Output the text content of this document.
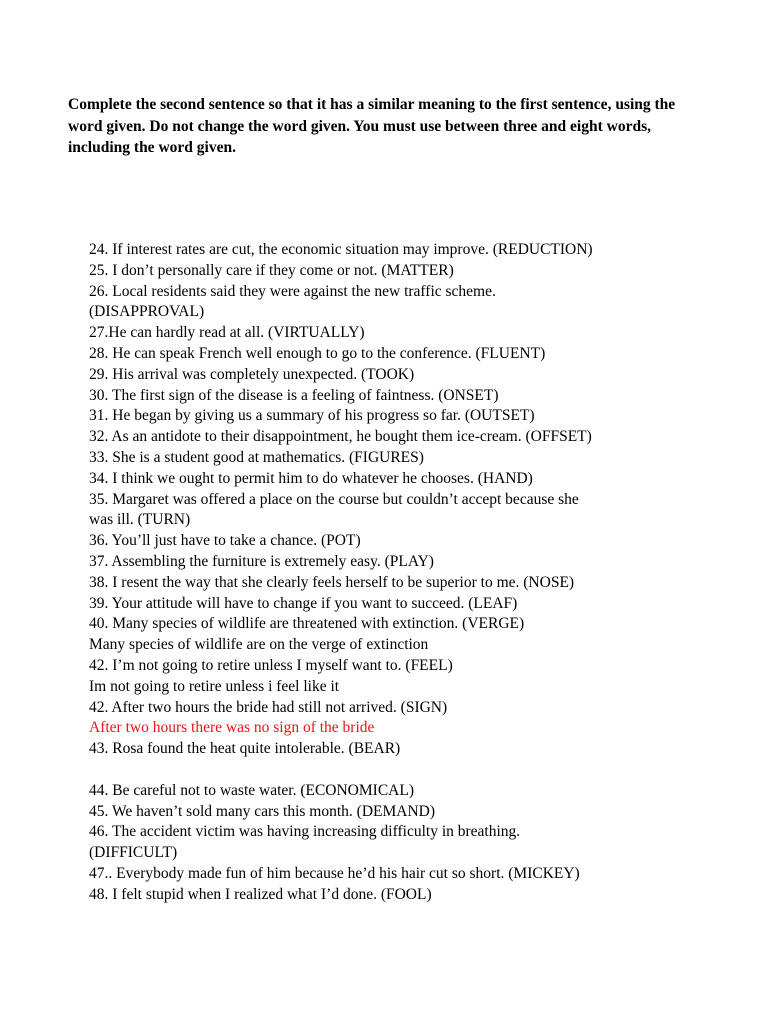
Complete the second sentence so that it has a similar meaning to the first sentence, using the word given. Do not change the word given. You must use between three and eight words, including the word given.

24. If interest rates are cut, the economic situation may improve. (REDUCTION)

25. I don’t personally care if they come or not. (MATTER)

26. Local residents said they were against the new traffic scheme.

(DISAPPROVAL)

27.He can hardly read at all. (VIRTUALLY)

28. He can speak French well enough to go to the conference. (FLUENT)

29. His arrival was completely unexpected. (TOOK)

30. The first sign of the disease is a feeling of faintness. (ONSET)

31. He began by giving us a summary of his progress so far. (OUTSET)

32. As an antidote to their disappointment, he bought them ice-cream. (OFFSET)

33. She is a student good at mathematics. (FIGURES)

34. I think we ought to permit him to do whatever he chooses. (HAND)

35. Margaret was offered a place on the course but couldn’t accept because she

was ill. (TURN)

36. You’ll just have to take a chance. (POT)

37. Assembling the furniture is extremely easy. (PLAY)

38. I resent the way that she clearly feels herself to be superior to me. (NOSE)

39. Your attitude will have to change if you want to succeed. (LEAF)

40. Many species of wildlife are threatened with extinction. (VERGE)

Many species of wildlife are on the verge of extinction

42. I’m not going to retire unless I myself want to. (FEEL)

Im not going to retire unless i feel like it

42. After two hours the bride had still not arrived. (SIGN)

After two hours there was no sign of the bride

43. Rosa found the heat quite intolerable. (BEAR)

44. Be careful not to waste water. (ECONOMICAL)

45. We haven’t sold many cars this month. (DEMAND)

46. The accident victim was having increasing difficulty in breathing.

(DIFFICULT)

47.. Everybody made fun of him because he’d his hair cut so short. (MICKEY)

48. I felt stupid when I realized what I’d done. (FOOL)
